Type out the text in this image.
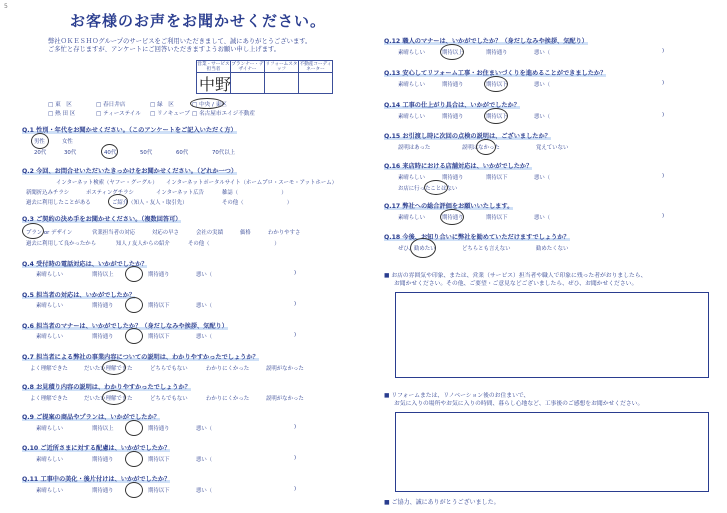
5
お客様のお声をお聞かせください。
弊社ＯＫＥＳＨＯグループのサービスをご利用いただきまして、誠にありがとうございます。
ご多忙と存じますが、アンケートにご回答いただきますようお願い申し上げます。
営業・サービス担当者	プランナー・デザイナー	リフォームスタッフ	不動産コーディネーター

中野
□ 東　区	□ 春日井店	□ 緑　区	□ 中央 / 東区
□ 熱 田 区	□ ティーステイル □ リノキューブ □ 名古屋市エイジ不動産
Q.1 性別・年代をお聞かせください。（このアンケートをご記入いただく方）
男性	女性
20代	30代	40代	50代	60代	70代以上
Q.2 今回、お問合せいただいたきっかけをお聞かせください。（どれか一つ）
インターネット検索（ヤフー・グーグル） インターネットポータルサイト（ホームプロ・スーモ・アットホーム）
新聞折込みチラシ	ポスティングチラシ	インターネット広告	雑誌（　　　　　　　　）
過去に利用したことがある	ご紹介（知人・友人・取引先）	その他（　　　　　　　　）
Q.3 ご契約の決め手をお聞かせください。（複数回答可）
プラン or デザイン	営業担当者の対応	対応の早さ	会社の実績	価格	わかりやすさ
過去に利用して良かったから	知人 / 友人からの紹介	その他（　　　　　　　　　　　　）
Q.4 受付時の電話対応は、いかがでしたか？
素晴らしい	期待以上	期待通り	悪い（	)
Q.5 担当者の対応は、いかがでしたか？
素晴らしい	期待通り	期待以下	悪い（	)
Q.6 担当者のマナーは、いかがでしたか？（身だしなみや挨拶、気配り）
素晴らしい	期待通り	期待以下	悪い（	)
Q.7 担当者による弊社の事業内容についての説明は、わかりやすかったでしょうか？
よく理解できた	だいたい理解できた	どちらでもない	わかりにくかった	説明がなかった
Q.8 お見積り内容の説明は、わかりやすかったでしょうか？
よく理解できた	だいたい理解できた	どちらでもない	わかりにくかった	説明がなかった
Q.9 ご提案の商品やプランは、いかがでしたか？
素晴らしい	期待以上	期待通り	悪い（	)
Q.10 ご近所さまに対する配慮は、いかがでしたか？
素晴らしい	期待通り	期待以下	悪い（	)
Q.11 工事中の美化・後片付けは、いかがでしたか？
素晴らしい	期待通り	期待以下	悪い（	)
Q.12 職人のマナーは、いかがでしたか？（身だしなみや挨拶、気配り）
素晴らしい	期待以上	期待通り	悪い（	)
Q.13 安心してリフォーム工事・お住まいづくりを進めることができましたか？
素晴らしい	期待通り	期待以下	悪い（	)
Q.14 工事の仕上がり具合は、いかがでしたか？
素晴らしい	期待通り	期待以下	悪い（	)
Q.15 お引渡し時に次回の点検の説明は、ございましたか？
説明はあった	説明はなかった	覚えていない
Q.16 来店時における店舗対応は、いかがでしたか？
素晴らしい	期待通り	期待以下	悪い（	)
お店に行ったことはない
Q.17 弊社への総合評価をお願いいたします。
素晴らしい	期待通り	期待以下	悪い（	)
Q.18 今後、お知り合いに弊社を勧めていただけますでしょうか？
ぜひ、勧めたい	どちらとも言えない	勧めたくない
■ お店の雰囲気や印象、または、営業（サービス）担当者や職人で印象に残った者がおりましたら、
お聞かせください。その他、ご要望・ご意見などございましたら、ぜひ、お聞かせください。
■ リフォームまたは、リノベーション後のお住まいで、
お気に入りの場所やお気に入りの時間、暮らし心地など、工事後のご感想をお聞かせください。
■ ご協力、誠にありがとうございました。
